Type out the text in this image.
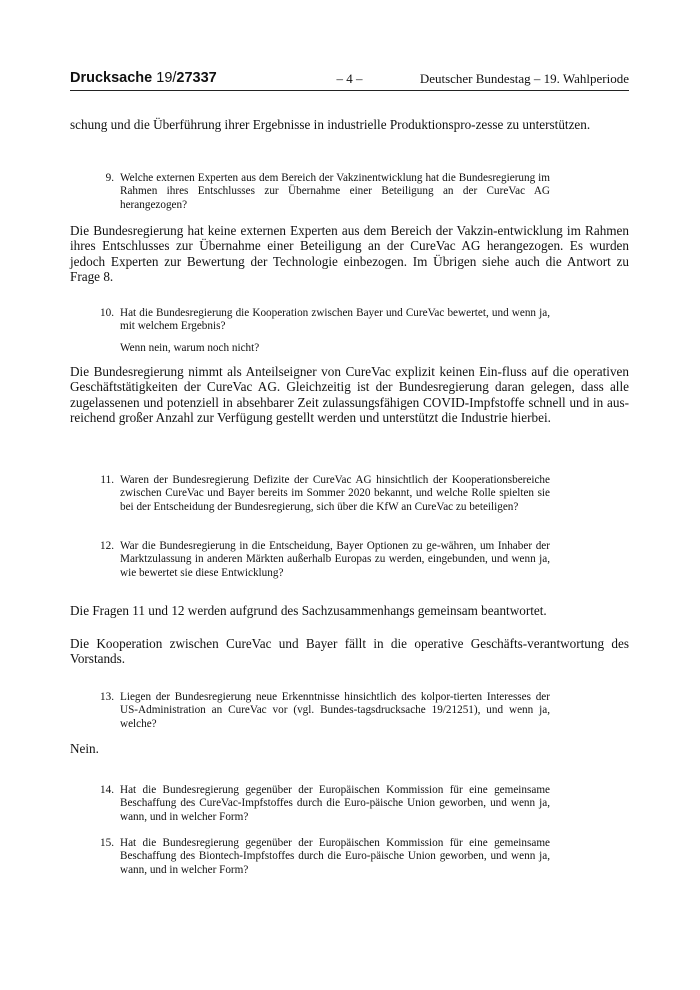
Drucksache 19/27337	– 4 –	Deutscher Bundestag – 19. Wahlperiode

schung und die Überführung ihrer Ergebnisse in industrielle Produktionspro-zesse zu unterstützen.

9. Welche externen Experten aus dem Bereich der Vakzinentwicklung hat die Bundesregierung im Rahmen ihres Entschlusses zur Übernahme einer Beteiligung an der CureVac AG herangezogen?

Die Bundesregierung hat keine externen Experten aus dem Bereich der Vakzin-entwicklung im Rahmen ihres Entschlusses zur Übernahme einer Beteiligung an der CureVac AG herangezogen. Es wurden jedoch Experten zur Bewertung der Technologie einbezogen. Im Übrigen siehe auch die Antwort zu Frage 8.

10. Hat die Bundesregierung die Kooperation zwischen Bayer und CureVac bewertet, und wenn ja, mit welchem Ergebnis?

Wenn nein, warum noch nicht?

Die Bundesregierung nimmt als Anteilseigner von CureVac explizit keinen Ein-fluss auf die operativen Geschäftstätigkeiten der CureVac AG. Gleichzeitig ist der Bundesregierung daran gelegen, dass alle zugelassenen und potenziell in absehbarer Zeit zulassungsfähigen COVID-Impfstoffe schnell und in aus-reichend großer Anzahl zur Verfügung gestellt werden und unterstützt die Industrie hierbei.

11. Waren der Bundesregierung Defizite der CureVac AG hinsichtlich der Kooperationsbereiche zwischen CureVac und Bayer bereits im Sommer 2020 bekannt, und welche Rolle spielten sie bei der Entscheidung der Bundesregierung, sich über die KfW an CureVac zu beteiligen?

12. War die Bundesregierung in die Entscheidung, Bayer Optionen zu ge-währen, um Inhaber der Marktzulassung in anderen Märkten außerhalb Europas zu werden, eingebunden, und wenn ja, wie bewertet sie diese Entwicklung?

Die Fragen 11 und 12 werden aufgrund des Sachzusammenhangs gemeinsam beantwortet.

Die Kooperation zwischen CureVac und Bayer fällt in die operative Geschäfts-verantwortung des Vorstands.

13. Liegen der Bundesregierung neue Erkenntnisse hinsichtlich des kolpor-tierten Interesses der US-Administration an CureVac vor (vgl. Bundes-tagsdrucksache 19/21251), und wenn ja, welche?

Nein.

14. Hat die Bundesregierung gegenüber der Europäischen Kommission für eine gemeinsame Beschaffung des CureVac-Impfstoffes durch die Euro-päische Union geworben, und wenn ja, wann, und in welcher Form?

15. Hat die Bundesregierung gegenüber der Europäischen Kommission für eine gemeinsame Beschaffung des Biontech-Impfstoffes durch die Euro-päische Union geworben, und wenn ja, wann, und in welcher Form?
